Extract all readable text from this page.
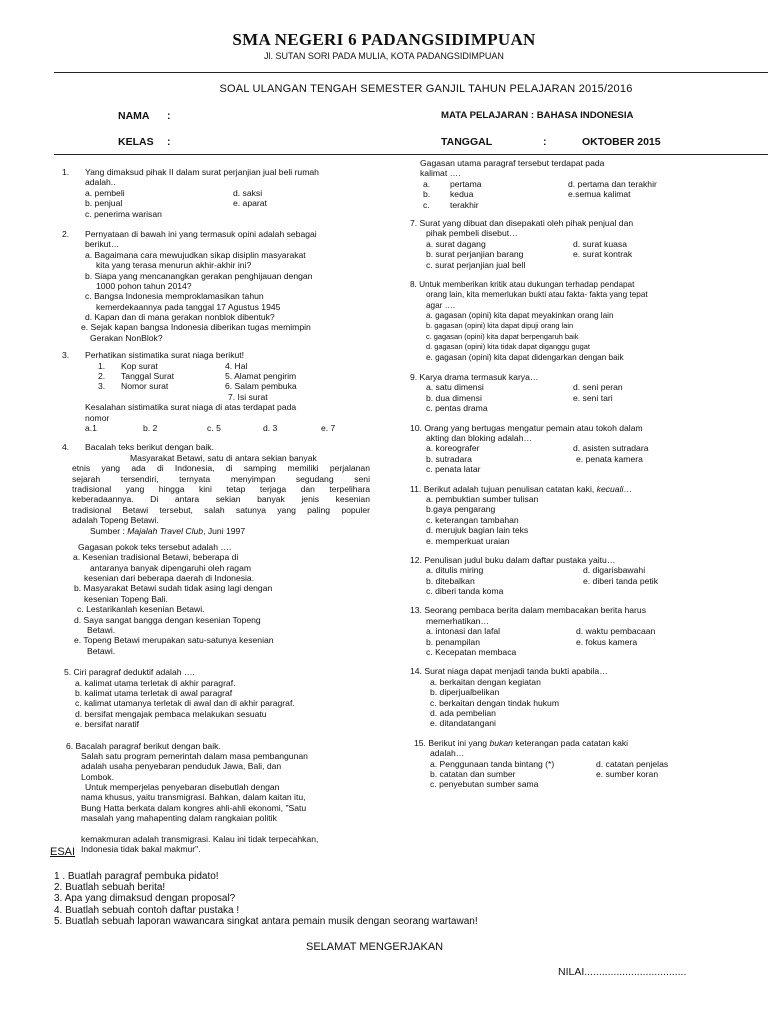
SMA NEGERI 6 PADANGSIDIMPUAN
Jl. SUTAN SORI PADA MULIA, KOTA PADANGSIDIMPUAN
SOAL ULANGAN TENGAH SEMESTER GANJIL TAHUN PELAJARAN 2015/2016
NAMA :
KELAS :
MATA PELAJARAN : BAHASA INDONESIA
TANGGAL	:	OKTOBER 2015
1. Yang dimaksud pihak II dalam surat perjanjian jual beli rumah
adalah..
a. pembeli	d. saksi
b. penjual	e. aparat
c. penerima warisan
2. Pernyataan di bawah ini yang termasuk opini adalah sebagai
berikut…
a. Bagaimana cara mewujudkan sikap disiplin masyarakat
kita yang terasa menurun akhir-akhir ini?
b. Siapa yang mencanangkan gerakan penghijauan dengan
1000 pohon tahun 2014?
c. Bangsa Indonesia memproklamasikan tahun
kemerdekaannya pada tanggal 17 Agustus 1945
d. Kapan dan di mana gerakan nonblok dibentuk?
e. Sejak kapan bangsa Indonesia diberikan tugas memimpin
Gerakan NonBlok?
3. Perhatikan sistimatika surat niaga berikut!
1. Kop surat	4. Hal
2. Tanggal Surat	5. Alamat pengirim
3. Nomor surat	6. Salam pembuka
7. Isi surat
Kesalahan sistimatika surat niaga di atas terdapat pada
nomor
a.1	b. 2	c. 5	d. 3	e. 7
4. Bacalah teks berikut dengan baik.
Masyarakat Betawi, satu di antara sekian banyak
etnis yang ada di Indonesia, di samping memiliki perjalanan
sejarah tersendiri, ternyata menyimpan segudang seni
tradisional yang hingga kini tetap terjaga dan terpelihara
keberadaannya. Di antara sekian banyak jenis kesenian
tradisional Betawi tersebut, salah satunya yang paling populer
adalah Topeng Betawi.
Sumber : Majalah Travel Club, Juni 1997
Gagasan pokok teks tersebut adalah ….
a. Kesenian tradisional Betawi, beberapa di
antaranya banyak dipengaruhi oleh ragam
kesenian dari beberapa daerah di Indonesia.
b. Masyarakat Betawi sudah tidak asing lagi dengan
kesenian Topeng Bali.
c. Lestarikanlah kesenian Betawi.
d. Saya sangat bangga dengan kesenian Topeng
Betawi.
e. Topeng Betawi merupakan satu-satunya kesenian
Betawi.
5. Ciri paragraf deduktif adalah ….
a. kalimat utama terletak di akhir paragraf.
b. kalimat utama terletak di awal paragraf
c. kalimat utamanya terletak di awal dan di akhir paragraf.
d. bersifat mengajak pembaca melakukan sesuatu
e. bersifat naratif
6. Bacalah paragraf berikut dengan baik.
Salah satu program pemerintah dalam masa pembangunan
adalah usaha penyebaran penduduk Jawa, Bali, dan
Lombok.
Untuk memperjelas penyebaran disebutlah dengan
nama khusus, yaitu transmigrasi. Bahkan, dalam kaitan itu,
Bung Hatta berkata dalam kongres ahli-ahli ekonomi, "Satu
masalah yang mahapenting dalam rangkaian politik
kemakmuran adalah transmigrasi. Kalau ini tidak terpecahkan,
Indonesia tidak bakal makmur".
Gagasan utama paragraf tersebut terdapat pada
kalimat ….
a. pertama	d. pertama dan terakhir
b. kedua	e.semua kalimat
c. terakhir
7. Surat yang dibuat dan disepakati oleh pihak penjual dan
pihak pembeli disebut…
a. surat dagang	d. surat kuasa
b. surat perjanjian barang	e. surat kontrak
c. surat perjanjian jual bell
8. Untuk memberikan kritik atau dukungan terhadap pendapat
orang lain, kita memerlukan bukti atau fakta- fakta yang tepat
agar ….
a. gagasan (opini) kita dapat meyakinkan orang lain
b. gagasan (opini) kita dapat dipuji orang lain
c. gagasan (opini) kita dapat berpengaruh baik
d. gagasan (opini) kita tidak dapat diganggu gugat
e. gagasan (opini) kita dapat didengarkan dengan baik
9. Karya drama termasuk karya…
a. satu dimensi	d. seni peran
b. dua dimensi	e. seni tari
c. pentas drama
10. Orang yang bertugas mengatur pemain atau tokoh dalam
akting dan bloking adalah…
a. koreografer	d. asisten sutradara
b. sutradara	e. penata kamera
c. penata latar
11. Berikut adalah tujuan penulisan catatan kaki, kecuali…
a. pembuktian sumber tulisan
b.gaya pengarang
c. keterangan tambahan
d. merujuk bagian lain teks
e. memperkuat uraian
12. Penulisan judul buku dalam daftar pustaka yaitu…
a. ditulis miring	d. digarisbawahi
b. ditebalkan	e. diberi tanda petik
c. diberi tanda koma
13. Seorang pembaca berita dalam membacakan berita harus
memerhatikan…
a. intonasi dan lafal	d. waktu pembacaan
b. penampilan	e. fokus kamera
c. Kecepatan membaca
14. Surat niaga dapat menjadi tanda bukti apabila…
a. berkaitan dengan kegiatan
b. diperjualbelikan
c. berkaitan dengan tindak hukum
d. ada pembelian
e. ditandatangani
15. Berikut ini yang bukan keterangan pada catatan kaki
adalah…
a. Penggunaan tanda bintang (*)	d. catatan penjelas
b. catatan dan sumber	e. sumber koran
c. penyebutan sumber sama
ESAI
1 . Buatlah paragraf pembuka pidato!
2. Buatlah sebuah berita!
3. Apa yang dimaksud dengan proposal?
4. Buatlah sebuah contoh daftar pustaka !
5. Buatlah sebuah laporan wawancara singkat antara pemain musik dengan seorang wartawan!
SELAMAT MENGERJAKAN
NILAI...................................
